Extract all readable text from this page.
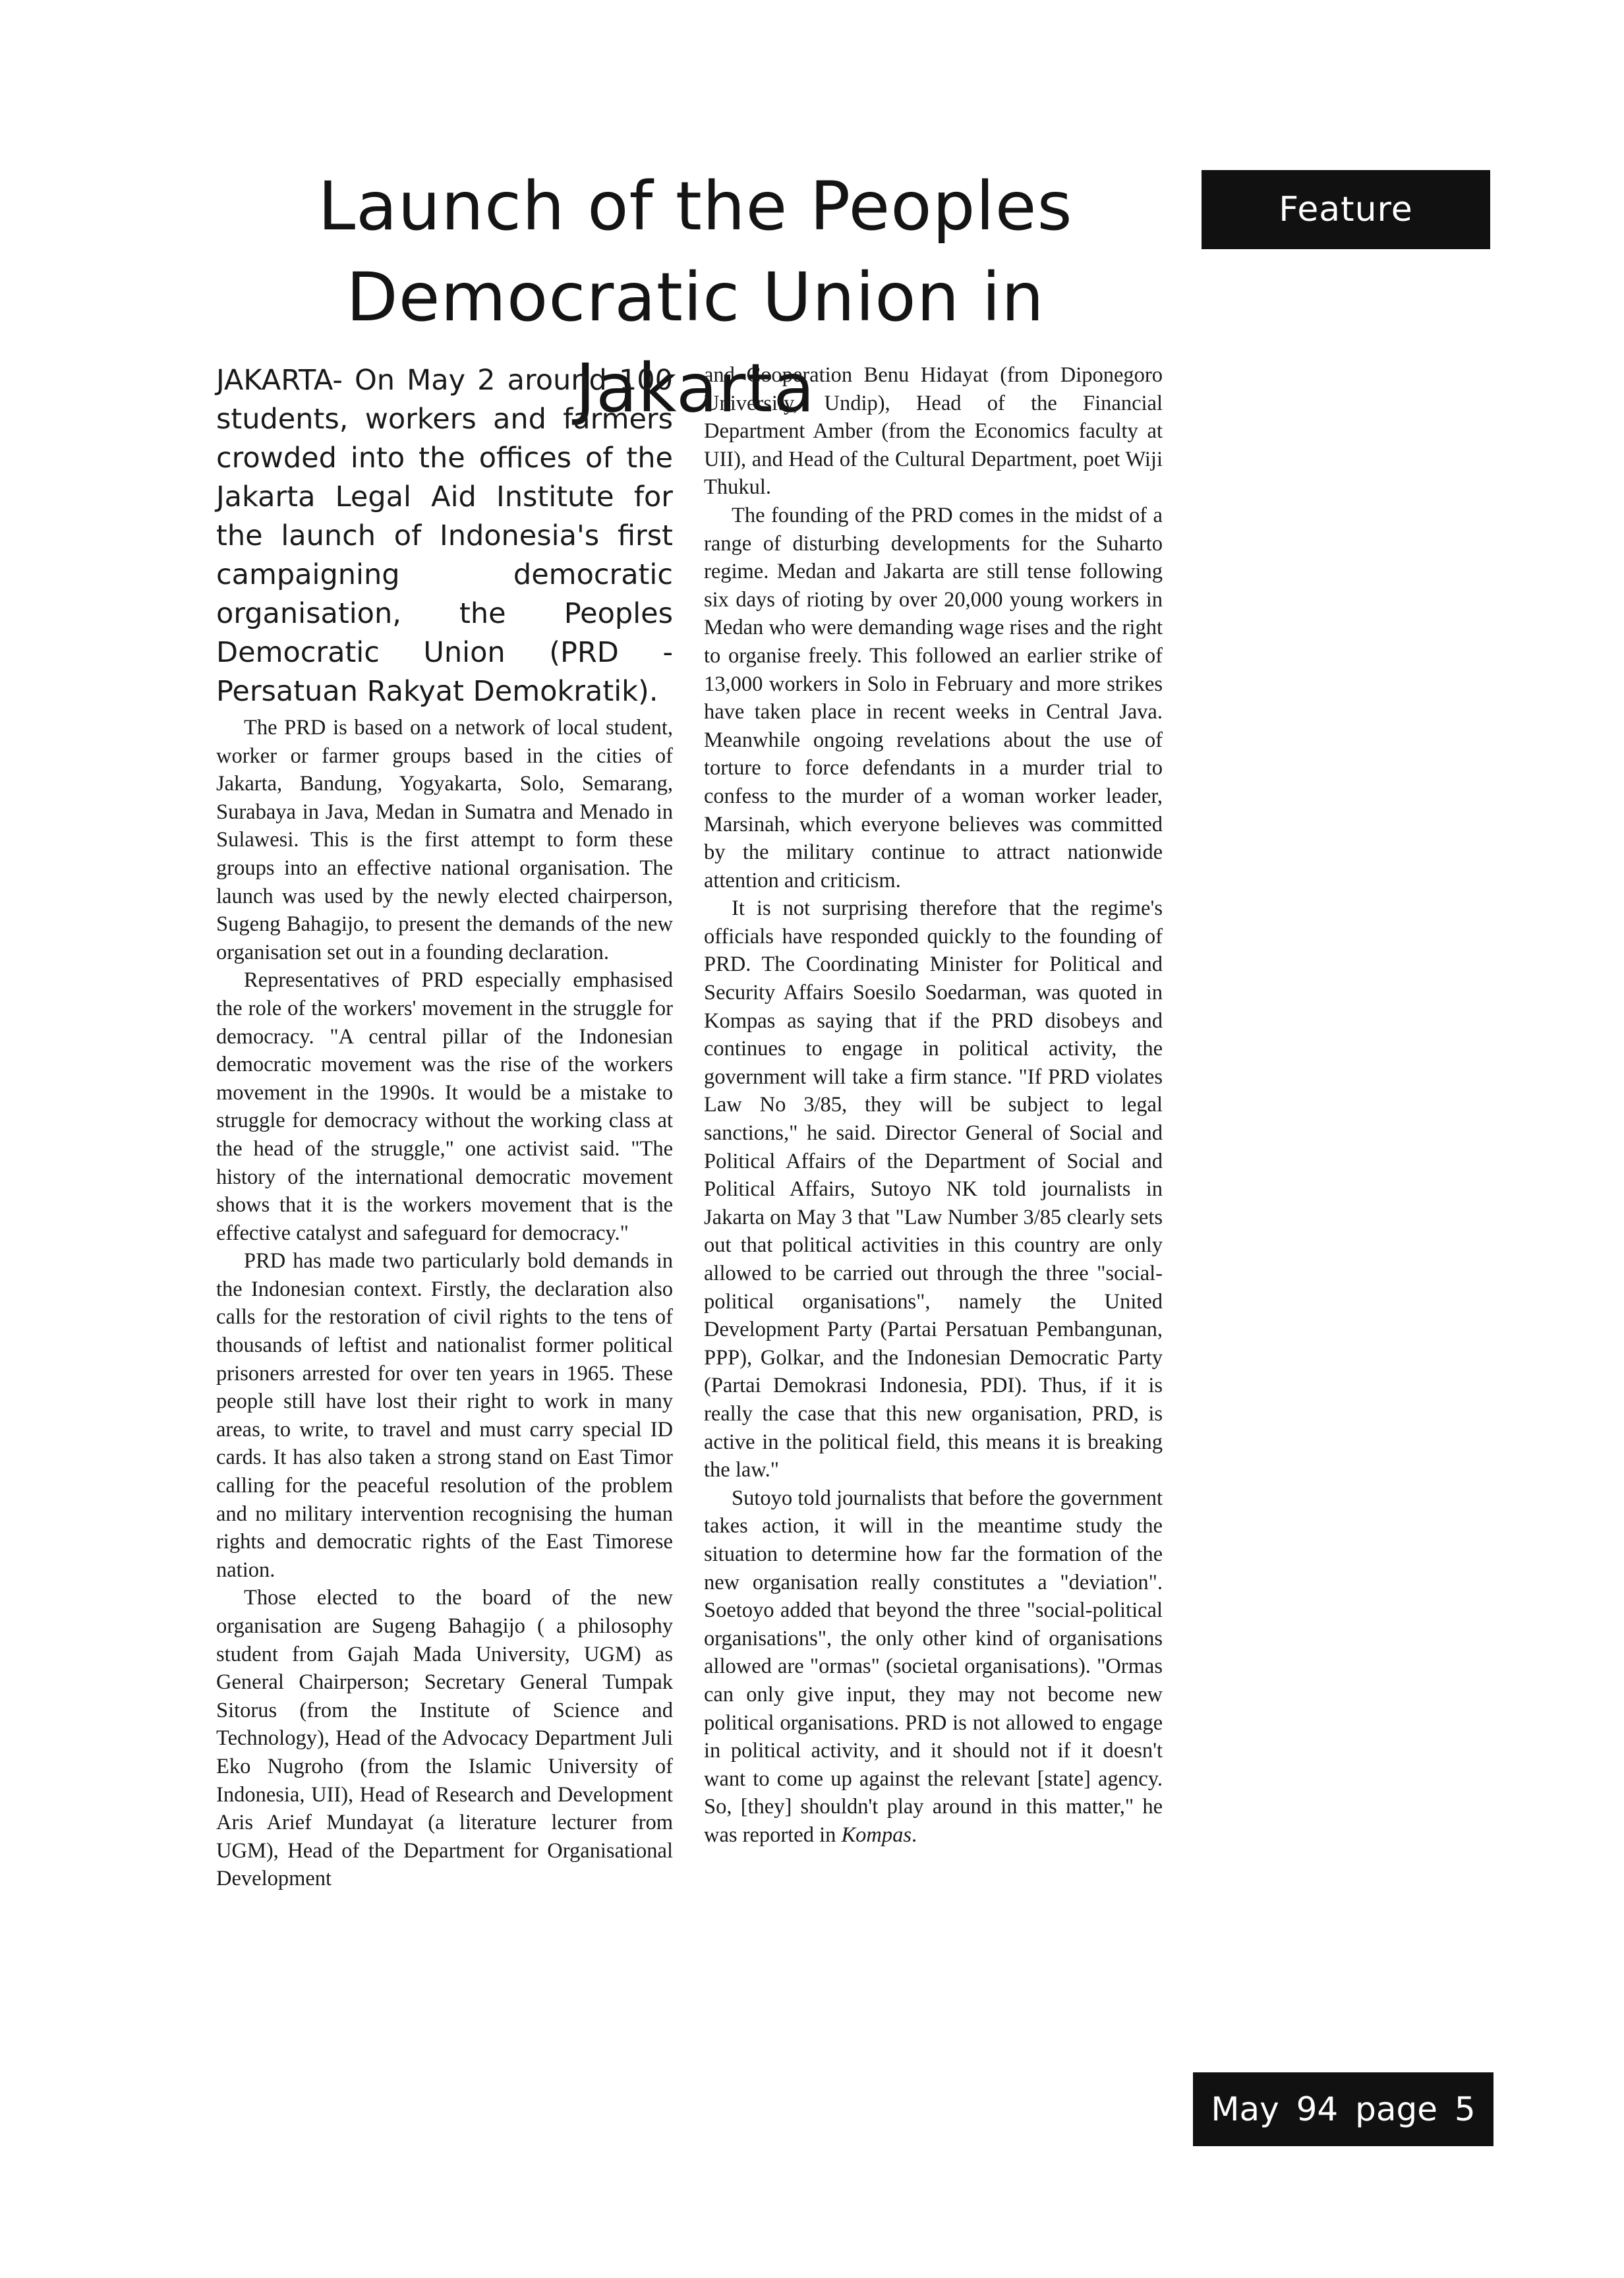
Launch of the Peoples
Democratic Union in Jakarta
Feature

JAKARTA- On May 2 around 100 students, workers and farmers crowded into the offices of the Jakarta Legal Aid Institute for the launch of Indonesia's first campaigning democratic organisation, the Peoples Democratic Union (PRD - Persatuan Rakyat Demokratik).

The PRD is based on a network of local student, worker or farmer groups based in the cities of Jakarta, Bandung, Yogyakarta, Solo, Semarang, Surabaya in Java, Medan in Sumatra and Menado in Sulawesi. This is the first attempt to form these groups into an effective national organisation. The launch was used by the newly elected chairperson, Sugeng Bahagijo, to present the demands of the new organisation set out in a founding declaration.

Representatives of PRD especially emphasised the role of the workers' movement in the struggle for democracy. "A central pillar of the Indonesian democratic movement was the rise of the workers movement in the 1990s. It would be a mistake to struggle for democracy without the working class at the head of the struggle," one activist said. "The history of the international democratic movement shows that it is the workers movement that is the effective catalyst and safeguard for democracy."

PRD has made two particularly bold demands in the Indonesian context. Firstly, the declaration also calls for the restoration of civil rights to the tens of thousands of leftist and nationalist former political prisoners arrested for over ten years in 1965. These people still have lost their right to work in many areas, to write, to travel and must carry special ID cards. It has also taken a strong stand on East Timor calling for the peaceful resolution of the problem and no military intervention recognising the human rights and democratic rights of the East Timorese nation.

Those elected to the board of the new organisation are Sugeng Bahagijo ( a philosophy student from Gajah Mada University, UGM) as General Chairperson; Secretary General Tumpak Sitorus (from the Institute of Science and Technology), Head of the Advocacy Department Juli Eko Nugroho (from the Islamic University of Indonesia, UII), Head of Research and Development Aris Arief Mundayat (a literature lecturer from UGM), Head of the Department for Organisational Development

and Cooperation Benu Hidayat (from Diponegoro University, Undip), Head of the Financial Department Amber (from the Economics faculty at UII), and Head of the Cultural Department, poet Wiji Thukul.

The founding of the PRD comes in the midst of a range of disturbing developments for the Suharto regime. Medan and Jakarta are still tense following six days of rioting by over 20,000 young workers in Medan who were demanding wage rises and the right to organise freely. This followed an earlier strike of 13,000 workers in Solo in February and more strikes have taken place in recent weeks in Central Java. Meanwhile ongoing revelations about the use of torture to force defendants in a murder trial to confess to the murder of a woman worker leader, Marsinah, which everyone believes was committed by the military continue to attract nationwide attention and criticism.

It is not surprising therefore that the regime's officials have responded quickly to the founding of PRD. The Coordinating Minister for Political and Security Affairs Soesilo Soedarman, was quoted in Kompas as saying that if the PRD disobeys and continues to engage in political activity, the government will take a firm stance. "If PRD violates Law No 3/85, they will be subject to legal sanctions," he said. Director General of Social and Political Affairs of the Department of Social and Political Affairs, Sutoyo NK told journalists in Jakarta on May 3 that "Law Number 3/85 clearly sets out that political activities in this country are only allowed to be carried out through the three "social-political organisations", namely the United Development Party (Partai Persatuan Pembangunan, PPP), Golkar, and the Indonesian Democratic Party (Partai Demokrasi Indonesia, PDI). Thus, if it is really the case that this new organisation, PRD, is active in the political field, this means it is breaking the law."

Sutoyo told journalists that before the government takes action, it will in the meantime study the situation to determine how far the formation of the new organisation really constitutes a "deviation". Soetoyo added that beyond the three "social-political organisations", the only other kind of organisations allowed are "ormas" (societal organisations). "Ormas can only give input, they may not become new political organisations. PRD is not allowed to engage in political activity, and it should not if it doesn't want to come up against the relevant [state] agency. So, [they] shouldn't play around in this matter," he was reported in Kompas.

May 94 page 5
